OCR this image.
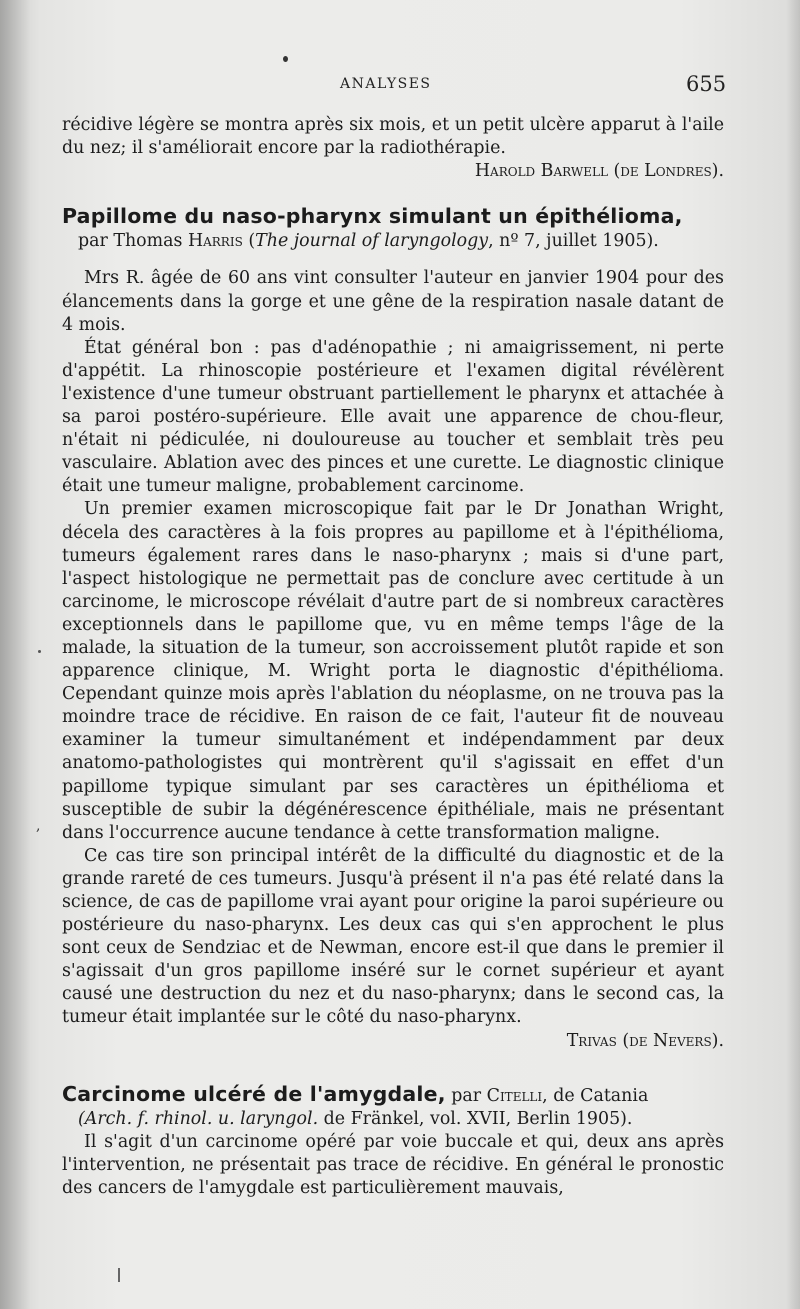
ANALYSES	655

récidive légère se montra après six mois, et un petit ulcère apparut à l'aile du nez; il s'améliorait encore par la radiothérapie.

Harold Barwell (de Londres).

Papillome du naso-pharynx simulant un épithélioma,

par Thomas Harris (The journal of laryngology, nº 7, juillet 1905).

Mrs R. âgée de 60 ans vint consulter l'auteur en janvier 1904 pour des élancements dans la gorge et une gêne de la respiration nasale datant de 4 mois.

État général bon : pas d'adénopathie ; ni amaigrissement, ni perte d'appétit. La rhinoscopie postérieure et l'examen digital révélèrent l'existence d'une tumeur obstruant partiellement le pharynx et attachée à sa paroi postéro-supérieure. Elle avait une apparence de chou-fleur, n'était ni pédiculée, ni douloureuse au toucher et semblait très peu vasculaire. Ablation avec des pinces et une curette. Le diagnostic clinique était une tumeur maligne, probablement carcinome.

Un premier examen microscopique fait par le Dr Jonathan Wright, décela des caractères à la fois propres au papillome et à l'épithélioma, tumeurs également rares dans le naso-pharynx ; mais si d'une part, l'aspect histologique ne permettait pas de conclure avec certitude à un carcinome, le microscope révélait d'autre part de si nombreux caractères exceptionnels dans le papillome que, vu en même temps l'âge de la malade, la situation de la tumeur, son accroissement plutôt rapide et son apparence clinique, M. Wright porta le diagnostic d'épithélioma. Cependant quinze mois après l'ablation du néoplasme, on ne trouva pas la moindre trace de récidive. En raison de ce fait, l'auteur fit de nouveau examiner la tumeur simultanément et indépendamment par deux anatomo-pathologistes qui montrèrent qu'il s'agissait en effet d'un papillome typique simulant par ses caractères un épithélioma et susceptible de subir la dégénérescence épithéliale, mais ne présentant dans l'occurrence aucune tendance à cette transformation maligne.

Ce cas tire son principal intérêt de la difficulté du diagnostic et de la grande rareté de ces tumeurs. Jusqu'à présent il n'a pas été relaté dans la science, de cas de papillome vrai ayant pour origine la paroi supérieure ou postérieure du naso-pharynx. Les deux cas qui s'en approchent le plus sont ceux de Sendziac et de Newman, encore est-il que dans le premier il s'agissait d'un gros papillome inséré sur le cornet supérieur et ayant causé une destruction du nez et du naso-pharynx; dans le second cas, la tumeur était implantée sur le côté du naso-pharynx.

Trivas (de Nevers).

Carcinome ulcéré de l'amygdale, par Citelli, de Catania

(Arch. f. rhinol. u. laryngol. de Fränkel, vol. XVII, Berlin 1905).

Il s'agit d'un carcinome opéré par voie buccale et qui, deux ans après l'intervention, ne présentait pas trace de récidive. En général le pronostic des cancers de l'amygdale est particulièrement mauvais,

,
